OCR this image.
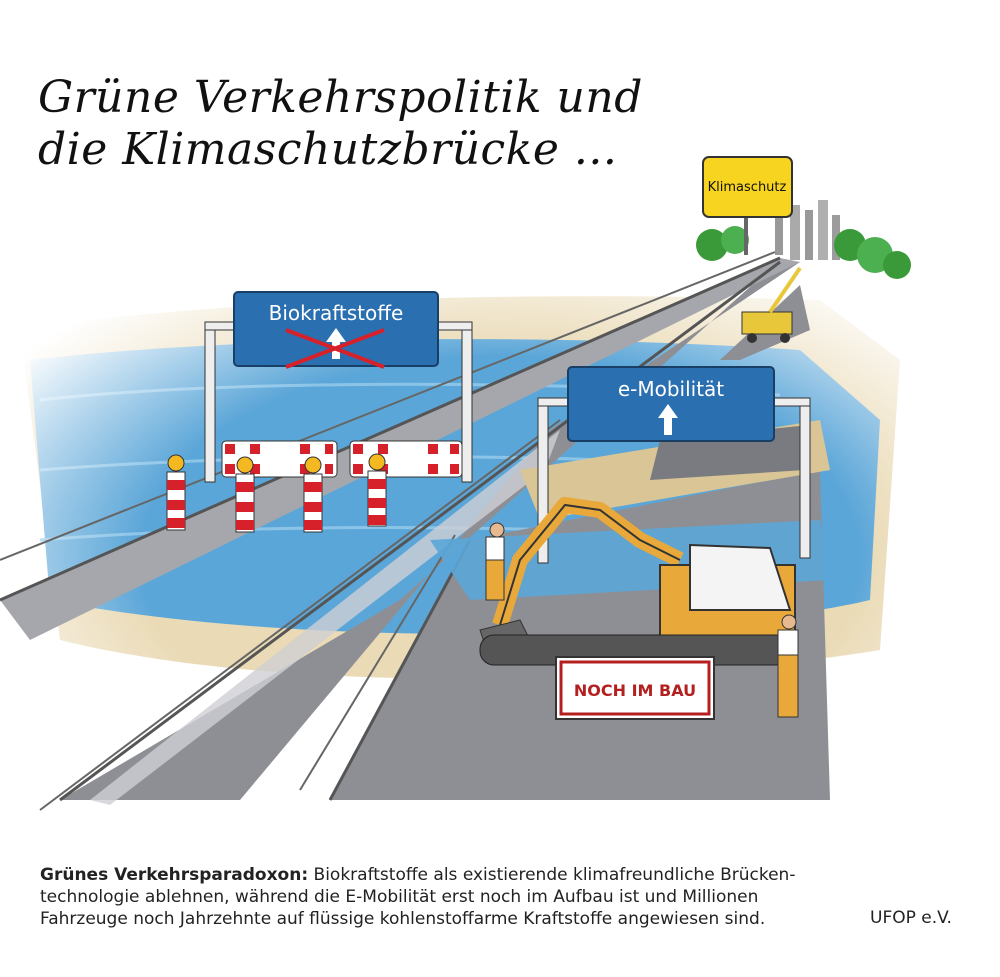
Klimaschutz
Biokraftstoffe
e-Mobilität
NOCH IM BAU
Grüne Verkehrspolitik und
die Klimaschutzbrücke ...
Grünes Verkehrsparadoxon: Biokraftstoffe als existierende klimafreundliche Brücken-
technologie ablehnen, während die E-Mobilität erst noch im Aufbau ist und Millionen
Fahrzeuge noch Jahrzehnte auf flüssige kohlenstoffarme Kraftstoffe angewiesen sind.	UFOP e.V.
